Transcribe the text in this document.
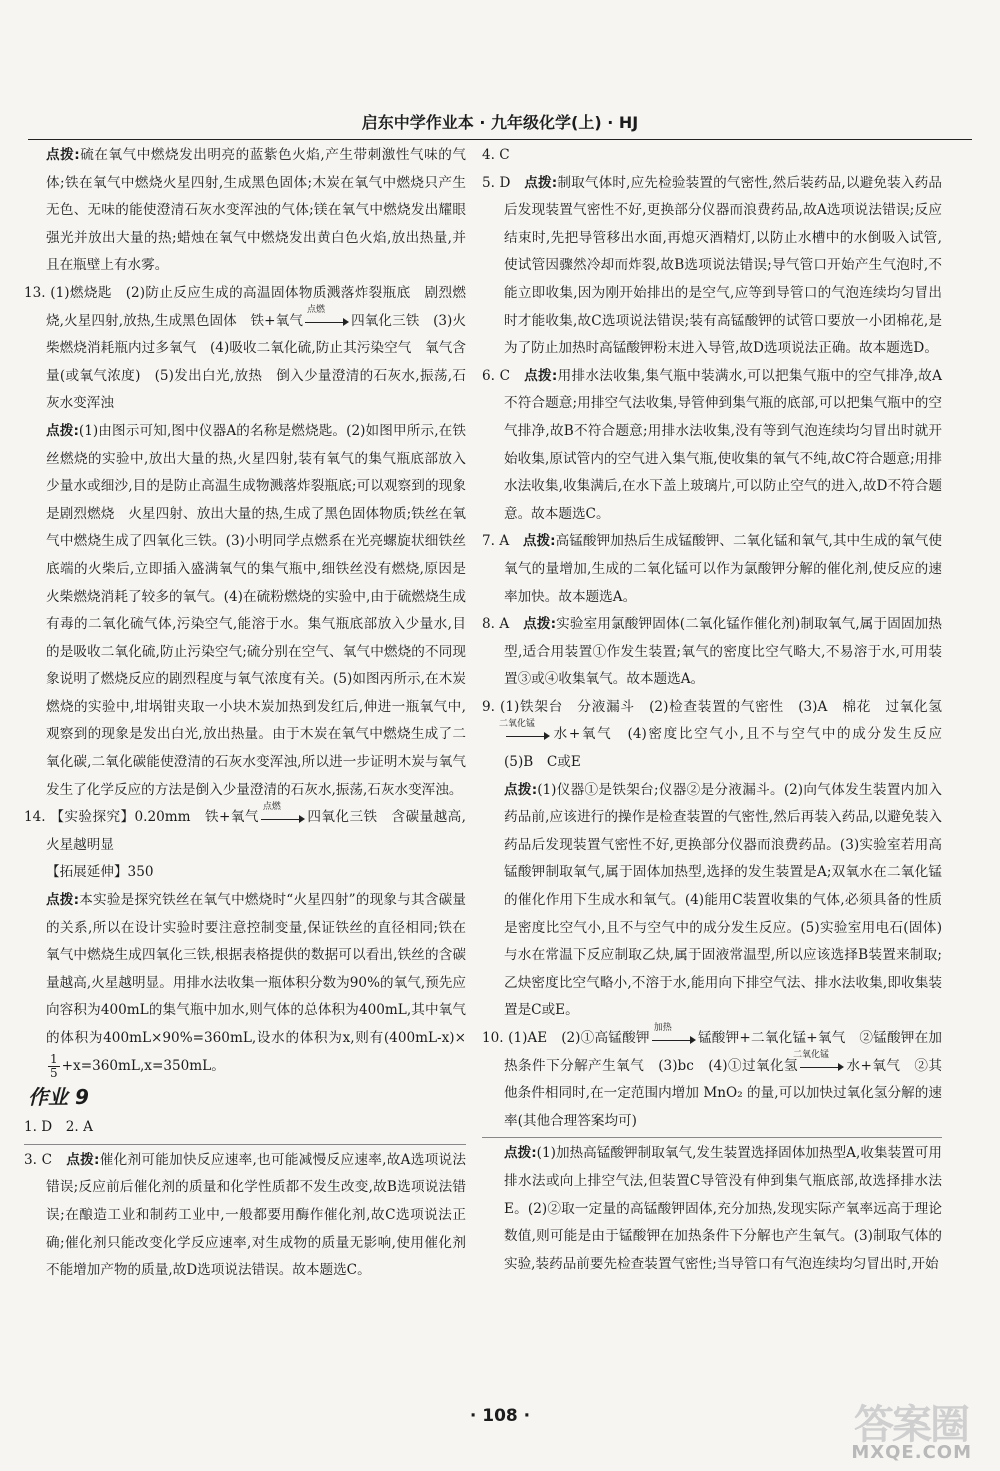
启东中学作业本 · 九年级化学(上) · HJ

点拨:硫在氧气中燃烧发出明亮的蓝紫色火焰,产生带刺激性气味的气体;铁在氧气中燃烧火星四射,生成黑色固体;木炭在氧气中燃烧只产生无色、无味的能使澄清石灰水变浑浊的气体;镁在氧气中燃烧发出耀眼强光并放出大量的热;蜡烛在氧气中燃烧发出黄白色火焰,放出热量,并且在瓶壁上有水雾。

13. (1)燃烧匙　(2)防止反应生成的高温固体物质溅落炸裂瓶底　剧烈燃烧,火星四射,放热,生成黑色固体　铁+氧气
点燃
四氧化三铁　(3)火柴燃烧消耗瓶内过多氧气　(4)吸收二氧化硫,防止其污染空气　氧气含量(或氧气浓度)　(5)发出白光,放热　倒入少量澄清的石灰水,振荡,石灰水变浑浊

点拨:(1)由图示可知,图中仪器A的名称是燃烧匙。(2)如图甲所示,在铁丝燃烧的实验中,放出大量的热,火星四射,装有氧气的集气瓶底部放入少量水或细沙,目的是防止高温生成物溅落炸裂瓶底;可以观察到的现象是剧烈燃烧　火星四射、放出大量的热,生成了黑色固体物质;铁丝在氧气中燃烧生成了四氧化三铁。(3)小明同学点燃系在光亮螺旋状细铁丝底端的火柴后,立即插入盛满氧气的集气瓶中,细铁丝没有燃烧,原因是火柴燃烧消耗了较多的氧气。(4)在硫粉燃烧的实验中,由于硫燃烧生成有毒的二氧化硫气体,污染空气,能溶于水。集气瓶底部放入少量水,目的是吸收二氧化硫,防止污染空气;硫分别在空气、氧气中燃烧的不同现象说明了燃烧反应的剧烈程度与氧气浓度有关。(5)如图丙所示,在木炭燃烧的实验中,坩埚钳夹取一小块木炭加热到发红后,伸进一瓶氧气中,观察到的现象是发出白光,放出热量。由于木炭在氧气中燃烧生成了二氧化碳,二氧化碳能使澄清的石灰水变浑浊,所以进一步证明木炭与氧气发生了化学反应的方法是倒入少量澄清的石灰水,振荡,石灰水变浑浊。

14. 【实验探究】0.20mm　铁+氧气
点燃
四氧化三铁　含碳量越高,火星越明显

【拓展延伸】350

点拨:本实验是探究铁丝在氧气中燃烧时“火星四射”的现象与其含碳量的关系,所以在设计实验时要注意控制变量,保证铁丝的直径相同;铁在氧气中燃烧生成四氧化三铁,根据表格提供的数据可以看出,铁丝的含碳量越高,火星越明显。用排水法收集一瓶体积分数为90%的氧气,预先应向容积为400mL的集气瓶中加水,则气体的总体积为400mL,其中氧气的体积为400mL×90%=360mL,设水的体积为x,则有(400mL-x)×
$\frac{1}{5} +x=360mL,x=350mL$。

作业 9

1. D　2. A

3. C　点拨:催化剂可能加快反应速率,也可能减慢反应速率,故A选项说法错误;反应前后催化剂的质量和化学性质都不发生改变,故B选项说法错误;在酿造工业和制药工业中,一般都要用酶作催化剂,故C选项说法正确;催化剂只能改变化学反应速率,对生成物的质量无影响,使用催化剂不能增加产物的质量,故D选项说法错误。故本题选C。

4. C

5. D　点拨:制取气体时,应先检验装置的气密性,然后装药品,以避免装入药品后发现装置气密性不好,更换部分仪器而浪费药品,故A选项说法错误;反应结束时,先把导管移出水面,再熄灭酒精灯,以防止水槽中的水倒吸入试管,使试管因骤然冷却而炸裂,故B选项说法错误;导气管口开始产生气泡时,不能立即收集,因为刚开始排出的是空气,应等到导管口的气泡连续均匀冒出时才能收集,故C选项说法错误;装有高锰酸钾的试管口要放一小团棉花,是为了防止加热时高锰酸钾粉末进入导管,故D选项说法正确。故本题选D。

6. C　点拨:用排水法收集,集气瓶中装满水,可以把集气瓶中的空气排净,故A不符合题意;用排空气法收集,导管伸到集气瓶的底部,可以把集气瓶中的空气排净,故B不符合题意;用排水法收集,没有等到气泡连续均匀冒出时就开始收集,原试管内的空气进入集气瓶,使收集的氧气不纯,故C符合题意;用排水法收集,收集满后,在水下盖上玻璃片,可以防止空气的进入,故D不符合题意。故本题选C。

7. A　点拨:高锰酸钾加热后生成锰酸钾、二氧化锰和氧气,其中生成的氧气使氧气的量增加,生成的二氧化锰可以作为氯酸钾分解的催化剂,使反应的速率加快。故本题选A。

8. A　点拨:实验室用氯酸钾固体(二氧化锰作催化剂)制取氧气,属于固固加热型,适合用装置①作发生装置;氧气的密度比空气略大,不易溶于水,可用装置③或④收集氧气。故本题选A。

9. (1)铁架台　分液漏斗　(2)检查装置的气密性　(3)A　棉花　过氧化氢
二氧化锰
水+氧气　(4)密度比空气小,且不与空气中的成分发生反应　(5)B　C或E

点拨:(1)仪器①是铁架台;仪器②是分液漏斗。(2)向气体发生装置内加入药品前,应该进行的操作是检查装置的气密性,然后再装入药品,以避免装入药品后发现装置气密性不好,更换部分仪器而浪费药品。(3)实验室若用高锰酸钾制取氧气,属于固体加热型,选择的发生装置是A;双氧水在二氧化锰的催化作用下生成水和氧气。(4)能用C装置收集的气体,必须具备的性质是密度比空气小,且不与空气中的成分发生反应。(5)实验室用电石(固体)与水在常温下反应制取乙炔,属于固液常温型,所以应该选择B装置来制取;乙炔密度比空气略小,不溶于水,能用向下排空气法、排水法收集,即收集装置是C或E。

10. (1)AE　(2)①高锰酸钾
加热
锰酸钾+二氧化锰+氧气　②锰酸钾在加热条件下分解产生氧气　(3)bc　(4)①过氧化氢
二氧化锰
水+氧气　②其他条件相同时,在一定范围内增加 MnO₂ 的量,可以加快过氧化氢分解的速率(其他合理答案均可)

点拨:(1)加热高锰酸钾制取氧气,发生装置选择固体加热型A,收集装置可用排水法或向上排空气法,但装置C导管没有伸到集气瓶底部,故选择排水法E。(2)②取一定量的高锰酸钾固体,充分加热,发现实际产氧率远高于理论数值,则可能是由于锰酸钾在加热条件下分解也产生氧气。(3)制取气体的实验,装药品前要先检查装置气密性;当导管口有气泡连续均匀冒出时,开始

· 108 ·	答案圈
MXQE.COM
